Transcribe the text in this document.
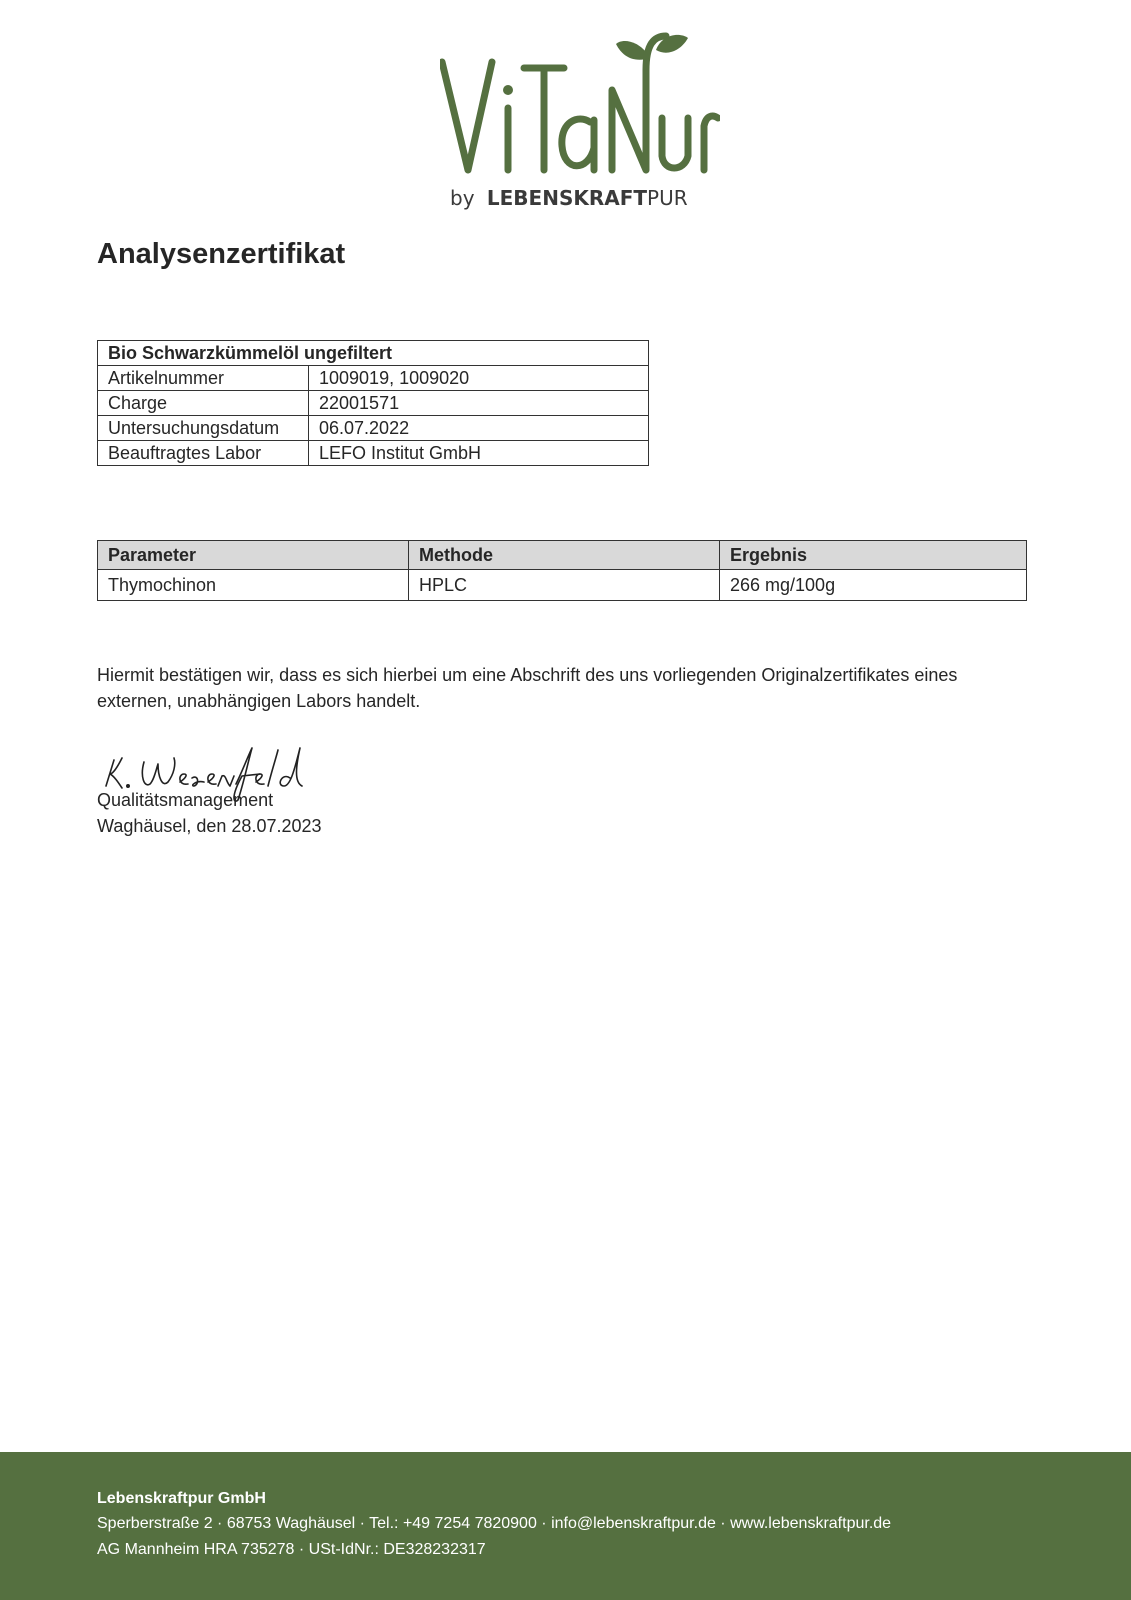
by LEBENSKRAFTPUR
Analysenzertifikat
Bio Schwarzkümmelöl ungefiltert	
Artikelnummer	1009019, 1009020
Charge	22001571
Untersuchungsdatum	06.07.2022
Beauftragtes Labor	LEFO Institut GmbH
Parameter	Methode	Ergebnis
Thymochinon	HPLC	266 mg/100g

Hiermit bestätigen wir, dass es sich hierbei um eine Abschrift des uns vorliegenden Originalzertifikates eines externen, unabhängigen Labors handelt.

Qualitätsmanagement
Waghäusel, den 28.07.2023
Lebenskraftpur GmbH
Sperberstraße 2 · 68753 Waghäusel · Tel.: +49 7254 7820900 · info@lebenskraftpur.de · www.lebenskraftpur.de
AG Mannheim HRA 735278 · USt-IdNr.: DE328232317
